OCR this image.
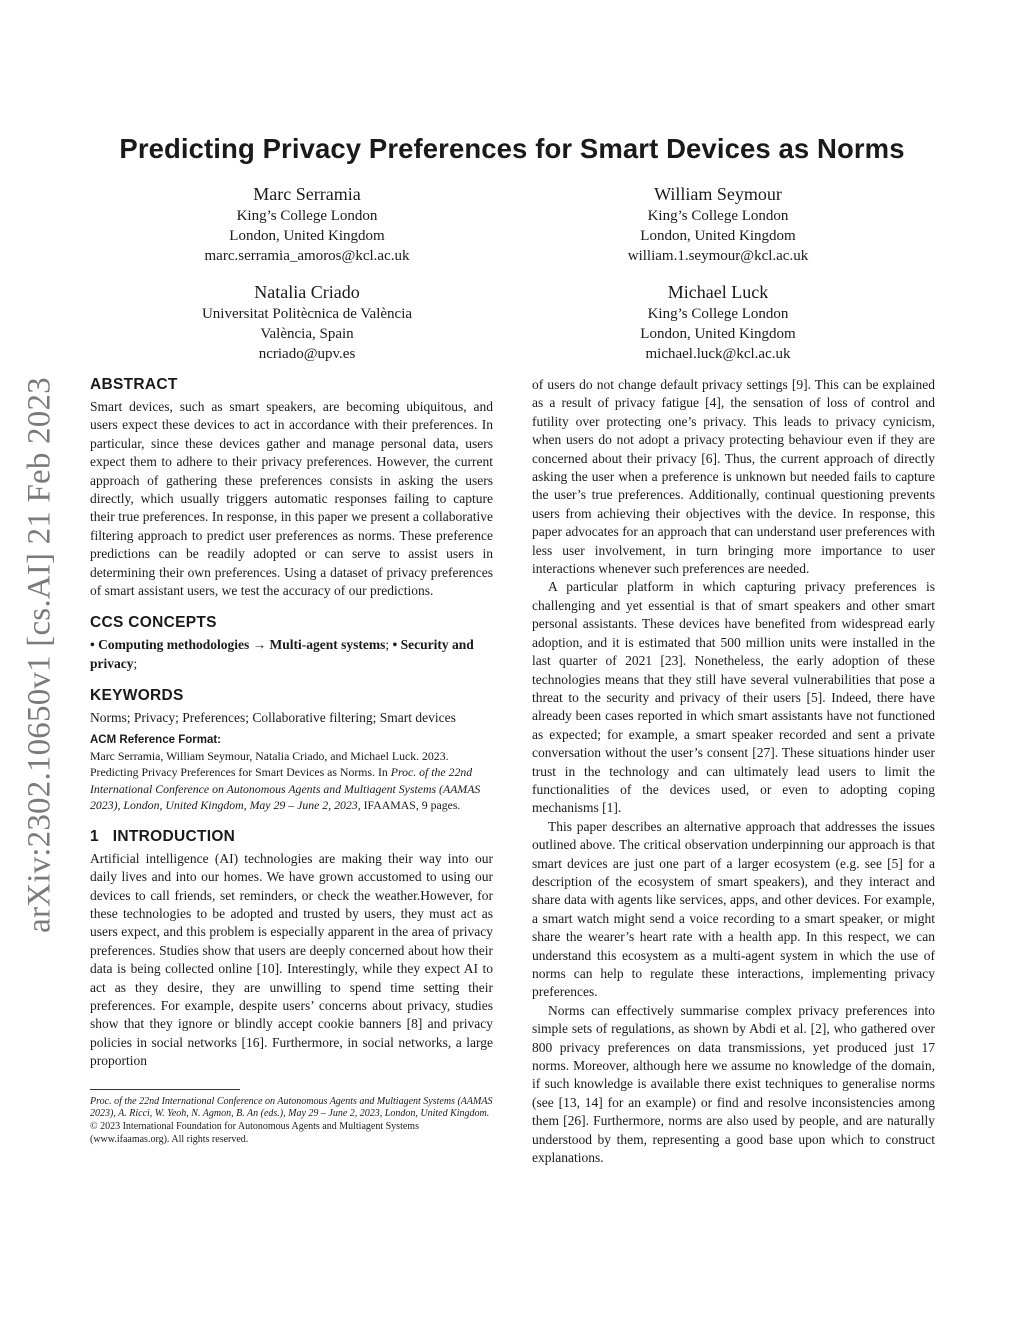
arXiv:2302.10650v1 [cs.AI] 21 Feb 2023
Predicting Privacy Preferences for Smart Devices as Norms
Marc Serramia
King’s College London
London, United Kingdom
marc.serramia_amoros@kcl.ac.uk
William Seymour
King’s College London
London, United Kingdom
william.1.seymour@kcl.ac.uk
Natalia Criado
Universitat Politècnica de València
València, Spain
ncriado@upv.es
Michael Luck
King’s College London
London, United Kingdom
michael.luck@kcl.ac.uk
ABSTRACT

Smart devices, such as smart speakers, are becoming ubiquitous, and users expect these devices to act in accordance with their preferences. In particular, since these devices gather and manage personal data, users expect them to adhere to their privacy preferences. However, the current approach of gathering these preferences consists in asking the users directly, which usually triggers automatic responses failing to capture their true preferences. In response, in this paper we present a collaborative filtering approach to predict user preferences as norms. These preference predictions can be readily adopted or can serve to assist users in determining their own preferences. Using a dataset of privacy preferences of smart assistant users, we test the accuracy of our predictions.

CCS CONCEPTS

• Computing methodologies → Multi-agent systems; • Security and privacy;

KEYWORDS

Norms; Privacy; Preferences; Collaborative filtering; Smart devices

ACM Reference Format:

Marc Serramia, William Seymour, Natalia Criado, and Michael Luck. 2023. Predicting Privacy Preferences for Smart Devices as Norms. In Proc. of the 22nd International Conference on Autonomous Agents and Multiagent Systems (AAMAS 2023), London, United Kingdom, May 29 – June 2, 2023, IFAAMAS, 9 pages.

1   INTRODUCTION

Artificial intelligence (AI) technologies are making their way into our daily lives and into our homes. We have grown accustomed to using our devices to call friends, set reminders, or check the weather.However, for these technologies to be adopted and trusted by users, they must act as users expect, and this problem is especially apparent in the area of privacy preferences. Studies show that users are deeply concerned about how their data is being collected online [10]. Interestingly, while they expect AI to act as they desire, they are unwilling to spend time setting their preferences. For example, despite users’ concerns about privacy, studies show that they ignore or blindly accept cookie banners [8] and privacy policies in social networks [16]. Furthermore, in social networks, a large proportion

Proc. of the 22nd International Conference on Autonomous Agents and Multiagent Systems (AAMAS 2023), A. Ricci, W. Yeoh, N. Agmon, B. An (eds.), May 29 – June 2, 2023, London, United Kingdom. © 2023 International Foundation for Autonomous Agents and Multiagent Systems (www.ifaamas.org). All rights reserved.

of users do not change default privacy settings [9]. This can be explained as a result of privacy fatigue [4], the sensation of loss of control and futility over protecting one’s privacy. This leads to privacy cynicism, when users do not adopt a privacy protecting behaviour even if they are concerned about their privacy [6]. Thus, the current approach of directly asking the user when a preference is unknown but needed fails to capture the user’s true preferences. Additionally, continual questioning prevents users from achieving their objectives with the device. In response, this paper advocates for an approach that can understand user preferences with less user involvement, in turn bringing more importance to user interactions whenever such preferences are needed.

A particular platform in which capturing privacy preferences is challenging and yet essential is that of smart speakers and other smart personal assistants. These devices have benefited from widespread early adoption, and it is estimated that 500 million units were installed in the last quarter of 2021 [23]. Nonetheless, the early adoption of these technologies means that they still have several vulnerabilities that pose a threat to the security and privacy of their users [5]. Indeed, there have already been cases reported in which smart assistants have not functioned as expected; for example, a smart speaker recorded and sent a private conversation without the user’s consent [27]. These situations hinder user trust in the technology and can ultimately lead users to limit the functionalities of the devices used, or even to adopting coping mechanisms [1].

This paper describes an alternative approach that addresses the issues outlined above. The critical observation underpinning our approach is that smart devices are just one part of a larger ecosystem (e.g. see [5] for a description of the ecosystem of smart speakers), and they interact and share data with agents like services, apps, and other devices. For example, a smart watch might send a voice recording to a smart speaker, or might share the wearer’s heart rate with a health app. In this respect, we can understand this ecosystem as a multi-agent system in which the use of norms can help to regulate these interactions, implementing privacy preferences.

Norms can effectively summarise complex privacy preferences into simple sets of regulations, as shown by Abdi et al. [2], who gathered over 800 privacy preferences on data transmissions, yet produced just 17 norms. Moreover, although here we assume no knowledge of the domain, if such knowledge is available there exist techniques to generalise norms (see [13, 14] for an example) or find and resolve inconsistencies among them [26]. Furthermore, norms are also used by people, and are naturally understood by them, representing a good base upon which to construct explanations.
